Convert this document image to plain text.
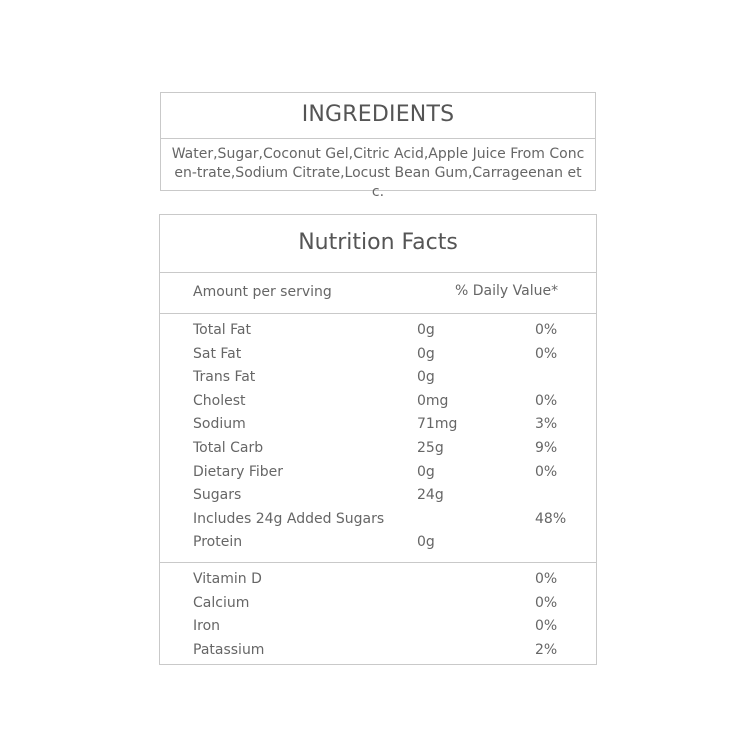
INGREDIENTS
Water,Sugar,Coconut Gel,Citric Acid,Apple Juice From Concen-trate,Sodium Citrate,Locust Bean Gum,Carrageenan etc.
Nutrition Facts
Amount per serving	% Daily Value*
Total Fat	0g	0%
Sat Fat	0g	0%
Trans Fat	0g
Cholest	0mg	0%
Sodium	71mg	3%
Total Carb	25g	9%
Dietary Fiber	0g	0%
Sugars	24g
Includes 24g Added Sugars	48%
Protein	0g
Vitamin D	0%
Calcium	0%
Iron	0%
Patassium	2%
